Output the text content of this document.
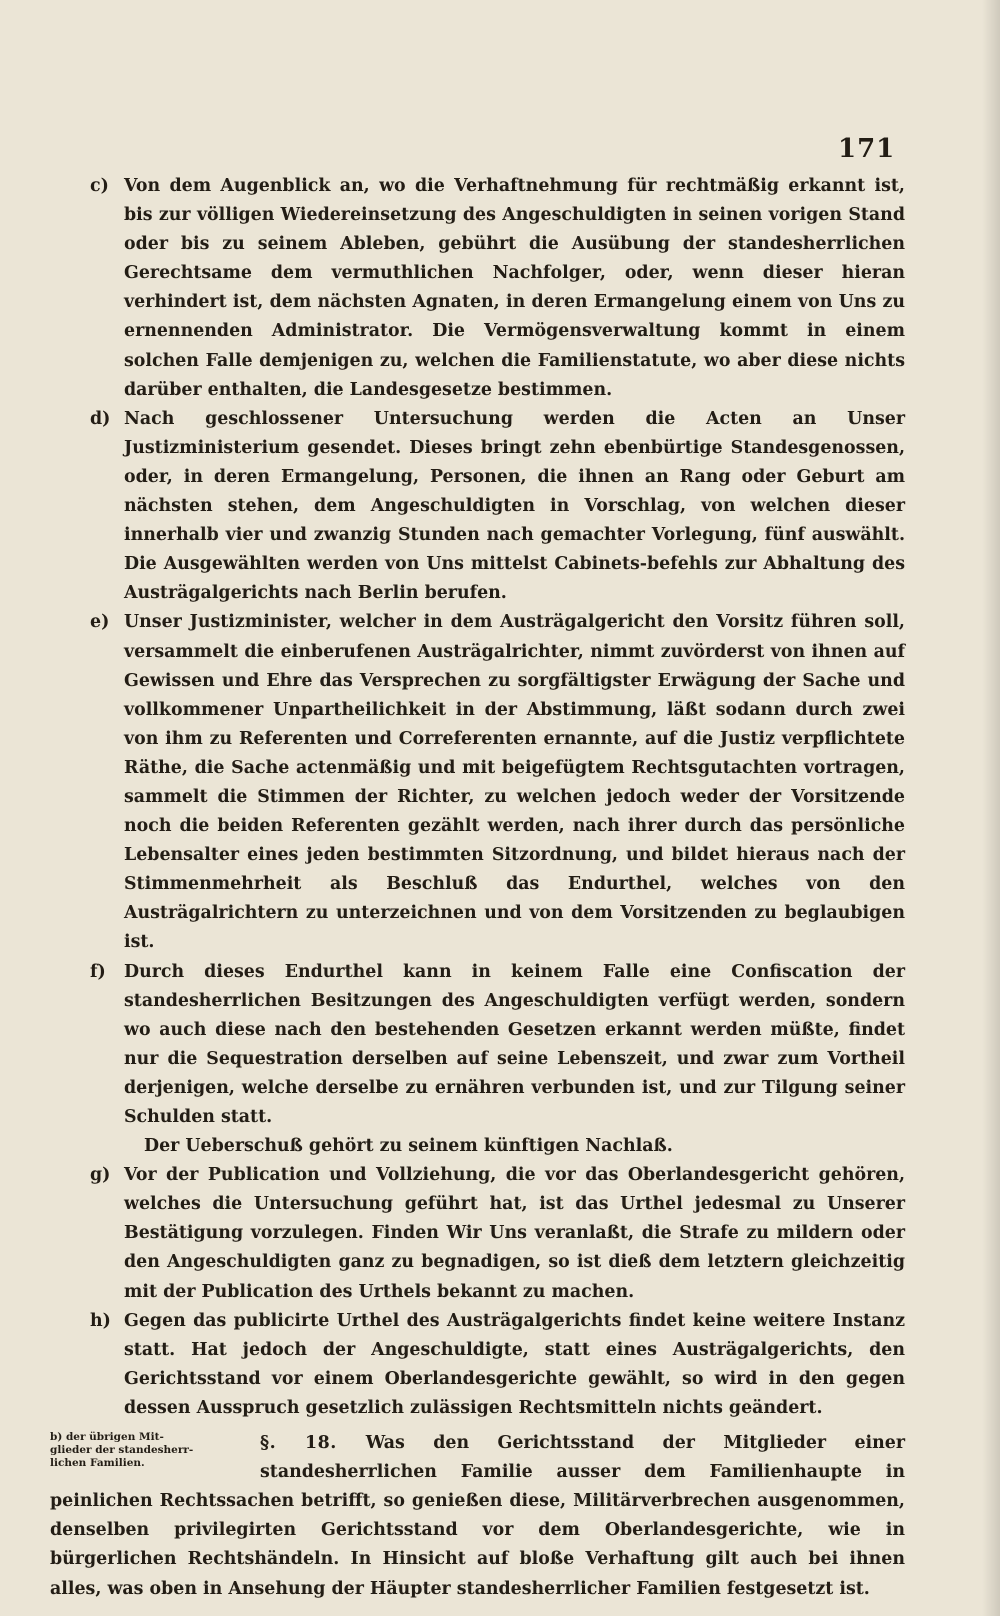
171

c) Von dem Augenblick an, wo die Verhaftnehmung für rechtmäßig erkannt ist, bis zur völligen Wiedereinsetzung des Angeschuldigten in seinen vorigen Stand oder bis zu seinem Ableben, gebührt die Ausübung der standesherrlichen Gerechtsame dem vermuthlichen Nachfolger, oder, wenn dieser hieran verhindert ist, dem nächsten Agnaten, in deren Ermangelung einem von Uns zu ernennenden Administrator. Die Vermögensverwaltung kommt in einem solchen Falle demjenigen zu, welchen die Familienstatute, wo aber diese nichts darüber enthalten, die Landesgesetze bestimmen.

d) Nach geschlossener Untersuchung werden die Acten an Unser Justizministerium gesendet. Dieses bringt zehn ebenbürtige Standesgenossen, oder, in deren Ermangelung, Personen, die ihnen an Rang oder Geburt am nächsten stehen, dem Angeschuldigten in Vorschlag, von welchen dieser innerhalb vier und zwanzig Stunden nach gemachter Vorlegung, fünf auswählt. Die Ausgewählten werden von Uns mittelst Cabinets-befehls zur Abhaltung des Austrägalgerichts nach Berlin berufen.

e) Unser Justizminister, welcher in dem Austrägalgericht den Vorsitz führen soll, versammelt die einberufenen Austrägalrichter, nimmt zuvörderst von ihnen auf Gewissen und Ehre das Versprechen zu sorgfältigster Erwägung der Sache und vollkommener Unpartheilichkeit in der Abstimmung, läßt sodann durch zwei von ihm zu Referenten und Correferenten ernannte, auf die Justiz verpflichtete Räthe, die Sache actenmäßig und mit beigefügtem Rechtsgutachten vortragen, sammelt die Stimmen der Richter, zu welchen jedoch weder der Vorsitzende noch die beiden Referenten gezählt werden, nach ihrer durch das persönliche Lebensalter eines jeden bestimmten Sitzordnung, und bildet hieraus nach der Stimmenmehrheit als Beschluß das Endurthel, welches von den Austrägalrichtern zu unterzeichnen und von dem Vorsitzenden zu beglaubigen ist.

f) Durch dieses Endurthel kann in keinem Falle eine Confiscation der standesherrlichen Besitzungen des Angeschuldigten verfügt werden, sondern wo auch diese nach den bestehenden Gesetzen erkannt werden müßte, findet nur die Sequestration derselben auf seine Lebenszeit, und zwar zum Vortheil derjenigen, welche derselbe zu ernähren verbunden ist, und zur Tilgung seiner Schulden statt.

Der Ueberschuß gehört zu seinem künftigen Nachlaß.

g) Vor der Publication und Vollziehung, die vor das Oberlandesgericht gehören, welches die Untersuchung geführt hat, ist das Urthel jedesmal zu Unserer Bestätigung vorzulegen. Finden Wir Uns veranlaßt, die Strafe zu mildern oder den Angeschuldigten ganz zu begnadigen, so ist dieß dem letztern gleichzeitig mit der Publication des Urthels bekannt zu machen.

h) Gegen das publicirte Urthel des Austrägalgerichts findet keine weitere Instanz statt. Hat jedoch der Angeschuldigte, statt eines Austrägalgerichts, den Gerichtsstand vor einem Oberlandesgerichte gewählt, so wird in den gegen dessen Ausspruch gesetzlich zulässigen Rechtsmitteln nichts geändert.

b) der übrigen Mit-
glieder der standesherr-
lichen Familien.
§. 18. Was den Gerichtsstand der Mitglieder einer standesherrlichen Familie ausser dem Familienhaupte in peinlichen Rechtssachen betrifft, so genießen diese, Militärverbrechen ausgenommen, denselben privilegirten Gerichtsstand vor dem Oberlandesgerichte, wie in bürgerlichen Rechtshändeln. In Hinsicht auf bloße Verhaftung gilt auch bei ihnen alles, was oben in Ansehung der Häupter standesherrlicher Familien festgesetzt ist.
